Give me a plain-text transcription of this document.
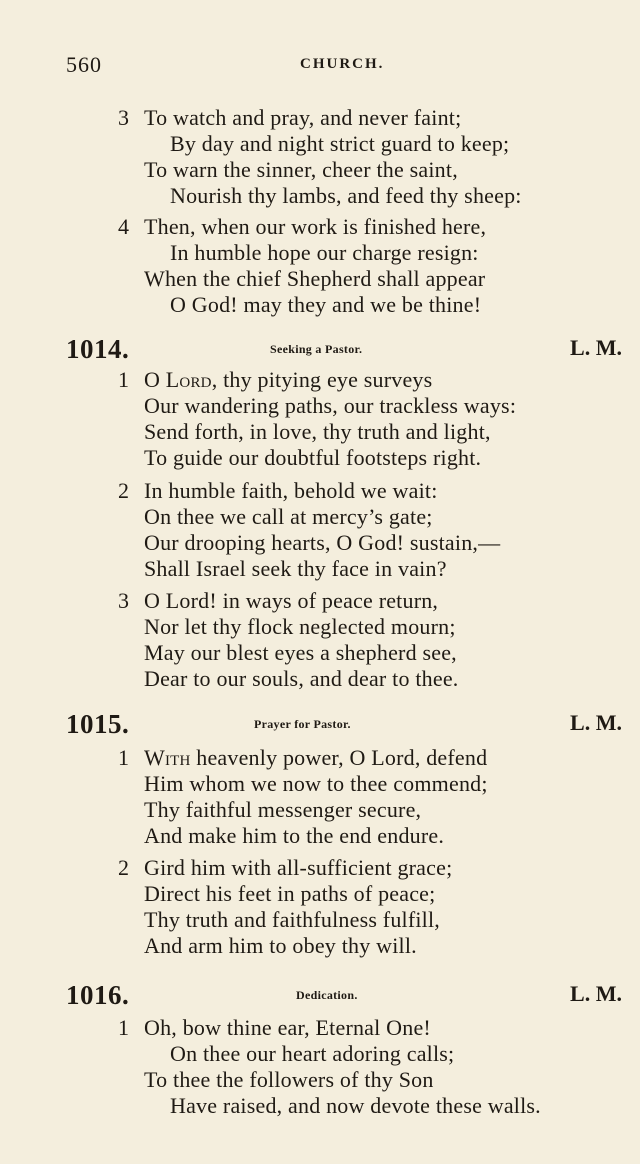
560	CHURCH.
3 To watch and pray, and never faint;
By day and night strict guard to keep;
To warn the sinner, cheer the saint,
Nourish thy lambs, and feed thy sheep:
4 Then, when our work is finished here,
In humble hope our charge resign:
When the chief Shepherd shall appear
O God! may they and we be thine!
1014.	Seeking a Pastor.	L. M.
1 O Lord, thy pitying eye surveys
Our wandering paths, our trackless ways:
Send forth, in love, thy truth and light,
To guide our doubtful footsteps right.
2 In humble faith, behold we wait:
On thee we call at mercy’s gate;
Our drooping hearts, O God! sustain,—
Shall Israel seek thy face in vain?
3 O Lord! in ways of peace return,
Nor let thy flock neglected mourn;
May our blest eyes a shepherd see,
Dear to our souls, and dear to thee.
1015.	Prayer for Pastor.	L. M.
1 With heavenly power, O Lord, defend
Him whom we now to thee commend;
Thy faithful messenger secure,
And make him to the end endure.
2 Gird him with all-sufficient grace;
Direct his feet in paths of peace;
Thy truth and faithfulness fulfill,
And arm him to obey thy will.
1016.	Dedication.	L. M.
1 Oh, bow thine ear, Eternal One!
On thee our heart adoring calls;
To thee the followers of thy Son
Have raised, and now devote these walls.
